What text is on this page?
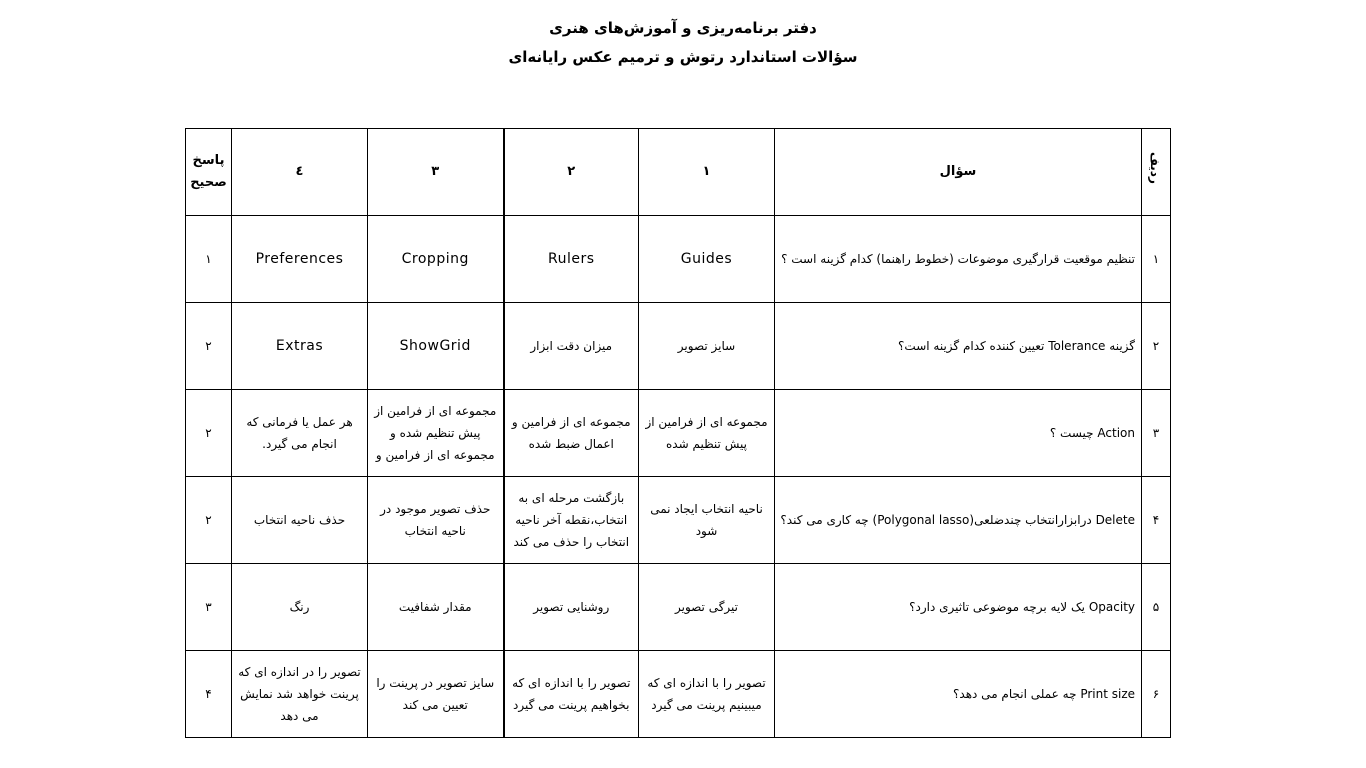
دفتر برنامه‌ریزی و آموزش‌های هنری
سؤالات استاندارد رتوش و ترمیم عکس رایانه‌ای
ردیف	سؤال	۱	۲	۳	٤	پاسخ صحیح
۱	تنظیم موقعیت قرارگیری موضوعات (خطوط راهنما) کدام گزینه است ؟	Guides	Rulers	Cropping	Preferences	۱
۲	گزینه Tolerance تعیین کننده کدام گزینه است؟	سایز تصویر	میزان دقت ابزار	ShowGrid	Extras	۲
۳	Action چیست ؟	مجموعه ای از فرامین از پیش تنظیم شده	مجموعه ای از فرامین و اعمال ضبط شده	مجموعه ای از فرامین از پیش تنظیم شده و مجموعه ای از فرامین و	هر عمل یا فرمانی که انجام می گیرد.	۲
۴	Delete درابزارانتخاب چندضلعی(Polygonal lasso) چه کاری می کند؟	ناحیه انتخاب ایجاد نمی شود	بازگشت مرحله ای به انتخاب،نقطه آخر ناحیه انتخاب را حذف می کند	حذف تصویر موجود در ناحیه انتخاب	حذف ناحیه انتخاب	۲
۵	Opacity یک لایه برچه موضوعی تاثیری دارد؟	تیرگی تصویر	روشنایی تصویر	مقدار شفافیت	رنگ	۳
۶	Print size چه عملی انجام می دهد؟	تصویر را با اندازه ای که میبینیم پرینت می گیرد	تصویر را با اندازه ای که بخواهیم پرینت می گیرد	سایز تصویر در پرینت را تعیین می کند	تصویر را در اندازه ای که پرینت خواهد شد نمایش می دهد	۴
